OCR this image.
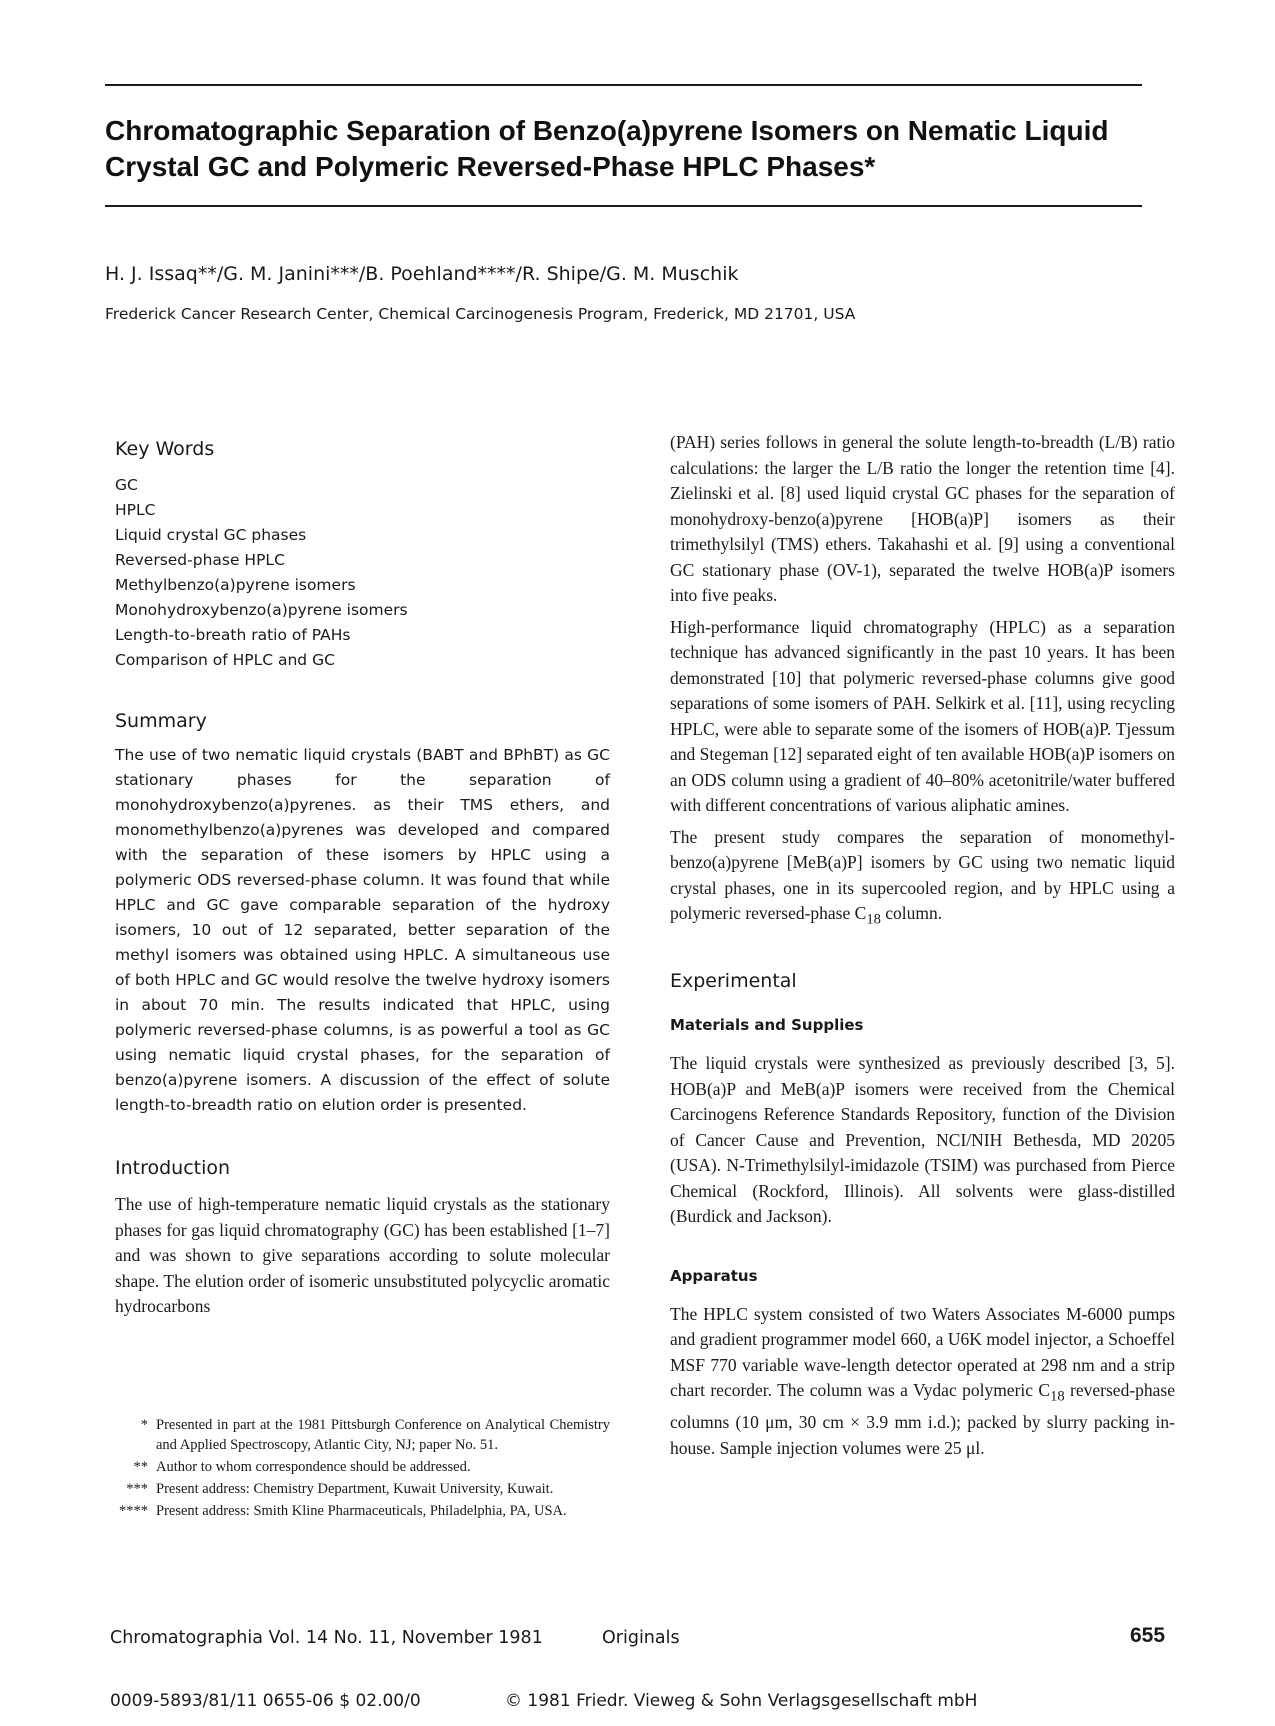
Chromatographic Separation of Benzo(a)pyrene Isomers on Nematic Liquid Crystal GC and Polymeric Reversed-Phase HPLC Phases*
H. J. Issaq**/G. M. Janini***/B. Poehland****/R. Shipe/G. M. Muschik
Frederick Cancer Research Center, Chemical Carcinogenesis Program, Frederick, MD 21701, USA
Key Words
GC
HPLC
Liquid crystal GC phases
Reversed-phase HPLC
Methylbenzo(a)pyrene isomers
Monohydroxybenzo(a)pyrene isomers
Length-to-breath ratio of PAHs
Comparison of HPLC and GC
Summary

The use of two nematic liquid crystals (BABT and BPhBT) as GC stationary phases for the separation of monohydroxybenzo(a)pyrenes. as their TMS ethers, and monomethylbenzo(a)pyrenes was developed and compared with the separation of these isomers by HPLC using a polymeric ODS reversed-phase column. It was found that while HPLC and GC gave comparable separation of the hydroxy isomers, 10 out of 12 separated, better separation of the methyl isomers was obtained using HPLC. A simultaneous use of both HPLC and GC would resolve the twelve hydroxy isomers in about 70 min. The results indicated that HPLC, using polymeric reversed-phase columns, is as powerful a tool as GC using nematic liquid crystal phases, for the separation of benzo(a)pyrene isomers. A discussion of the effect of solute length-to-breadth ratio on elution order is presented.

Introduction

The use of high-temperature nematic liquid crystals as the stationary phases for gas liquid chromatography (GC) has been established [1–7] and was shown to give separations according to solute molecular shape. The elution order of isomeric unsubstituted polycyclic aromatic hydrocarbons

* Presented in part at the 1981 Pittsburgh Conference on Analytical Chemistry and Applied Spectroscopy, Atlantic City, NJ; paper No. 51.
** Author to whom correspondence should be addressed.
*** Present address: Chemistry Department, Kuwait University, Kuwait.
**** Present address: Smith Kline Pharmaceuticals, Philadelphia, PA, USA.

(PAH) series follows in general the solute length-to-breadth (L/B) ratio calculations: the larger the L/B ratio the longer the retention time [4]. Zielinski et al. [8] used liquid crystal GC phases for the separation of monohydroxy-benzo(a)pyrene [HOB(a)P] isomers as their trimethylsilyl (TMS) ethers. Takahashi et al. [9] using a conventional GC stationary phase (OV-1), separated the twelve HOB(a)P isomers into five peaks.

High-performance liquid chromatography (HPLC) as a separation technique has advanced significantly in the past 10 years. It has been demonstrated [10] that polymeric reversed-phase columns give good separations of some isomers of PAH. Selkirk et al. [11], using recycling HPLC, were able to separate some of the isomers of HOB(a)P. Tjessum and Stegeman [12] separated eight of ten available HOB(a)P isomers on an ODS column using a gradient of 40–80% acetonitrile/water buffered with different concentrations of various aliphatic amines.

The present study compares the separation of monomethyl-benzo(a)pyrene [MeB(a)P] isomers by GC using two nematic liquid crystal phases, one in its supercooled region, and by HPLC using a polymeric reversed-phase $C_{18}$ column.

Experimental
Materials and Supplies

The liquid crystals were synthesized as previously described [3, 5]. HOB(a)P and MeB(a)P isomers were received from the Chemical Carcinogens Reference Standards Repository, function of the Division of Cancer Cause and Prevention, NCI/NIH Bethesda, MD 20205 (USA). N-Trimethylsilyl-imidazole (TSIM) was purchased from Pierce Chemical (Rockford, Illinois). All solvents were glass-distilled (Burdick and Jackson).

Apparatus

The HPLC system consisted of two Waters Associates M-6000 pumps and gradient programmer model 660, a U6K model injector, a Schoeffel MSF 770 variable wave-length detector operated at 298 nm and a strip chart recorder. The column was a Vydac polymeric $C_{18}$ reversed-phase columns (10 μm, 30 cm × 3.9 mm i.d.); packed by slurry packing in-house. Sample injection volumes were 25 μl.

Chromatographia Vol. 14 No. 11, November 1981	Originals	655
0009-5893/81/11 0655-06 $ 02.00/0	© 1981 Friedr. Vieweg & Sohn Verlagsgesellschaft mbH
